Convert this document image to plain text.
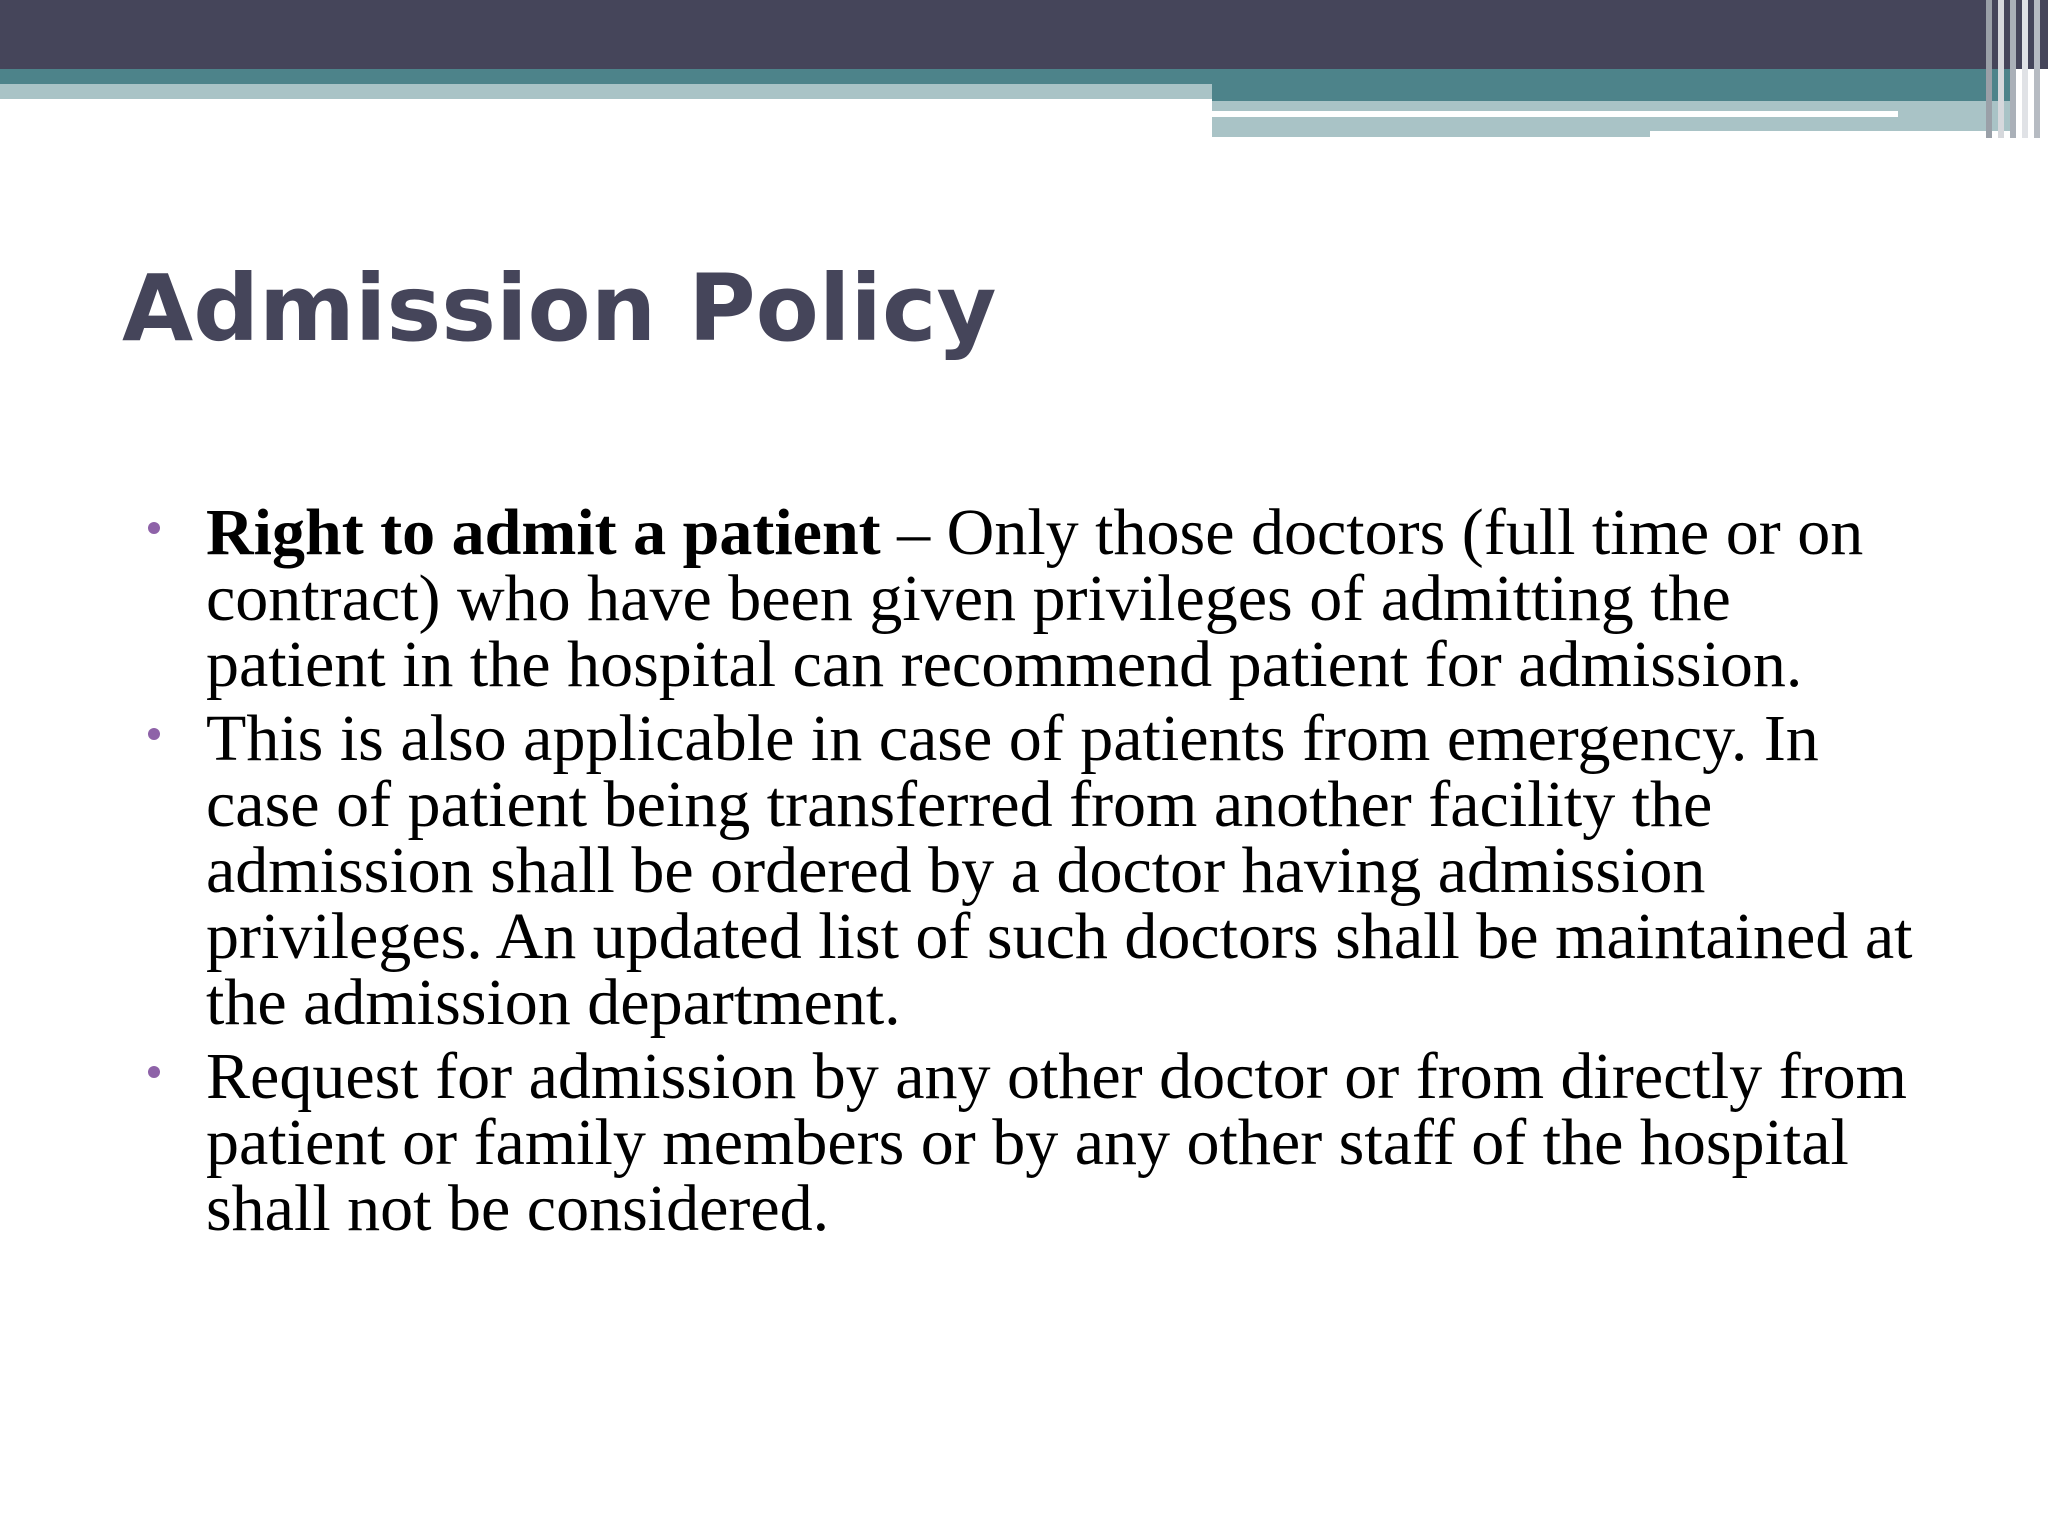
Admission Policy
Right to admit a patient – Only those doctors (full time or on contract) who have been given privileges of admitting the patient in the hospital can recommend patient for admission.
This is also applicable in case of patients from emergency. In case of patient being transferred from another facility the admission shall be ordered by a doctor having admission privileges. An updated list of such doctors shall be maintained at the admission department.
Request for admission by any other doctor or from directly from patient or family members or by any other staff of the hospital shall not be considered.
